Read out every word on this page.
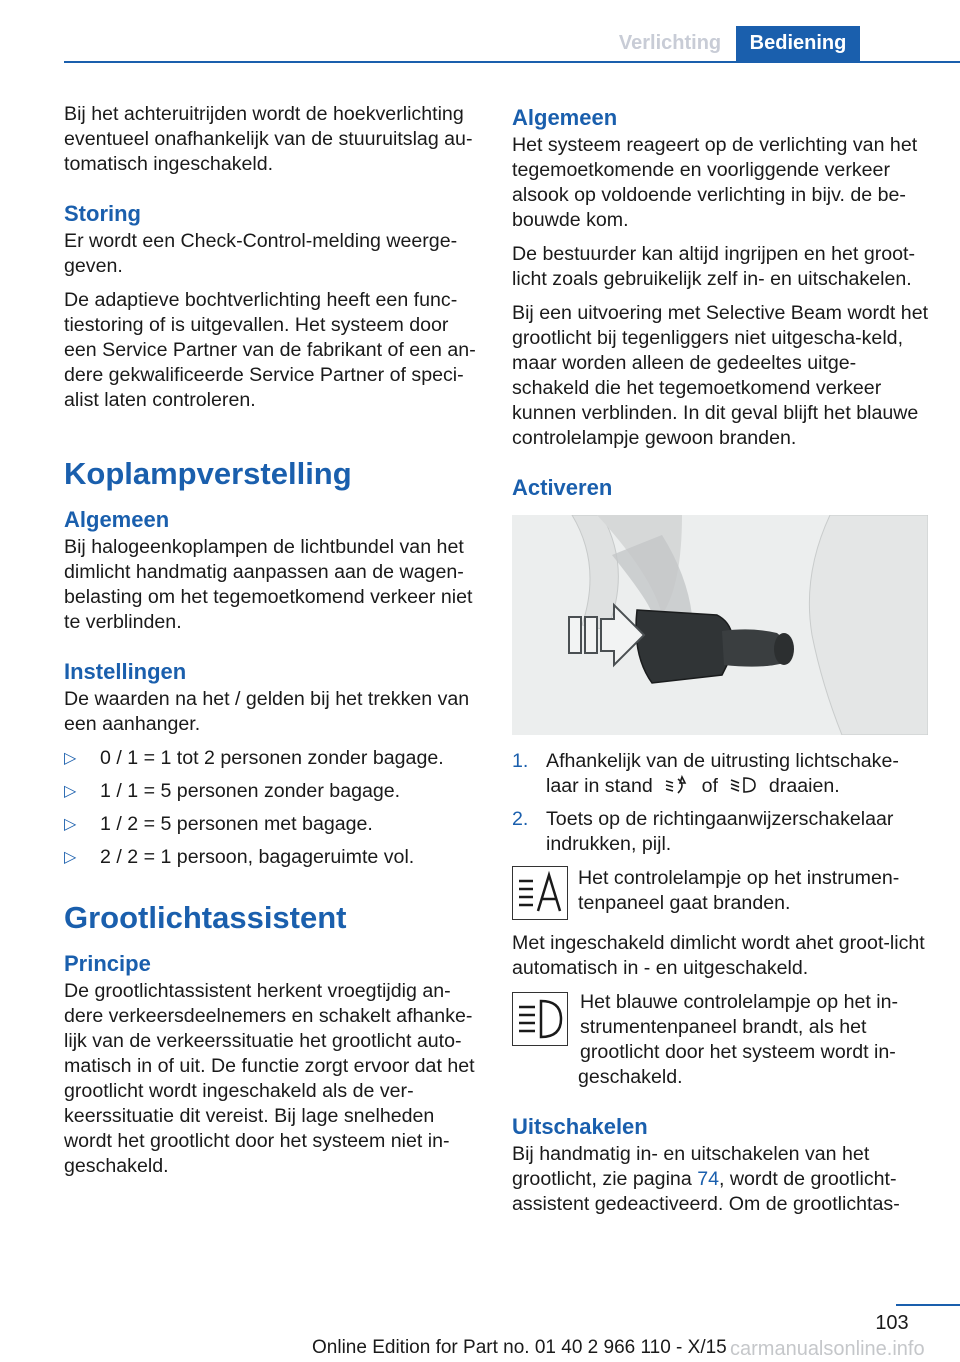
Verlichting	Bediening

Bij het achteruitrijden wordt de hoekverlichting eventueel onafhankelijk van de stuuruitslag au-tomatisch ingeschakeld.

Storing

Er wordt een Check-Control-melding weerge-geven.

De adaptieve bochtverlichting heeft een func-tiestoring of is uitgevallen. Het systeem door een Service Partner van de fabrikant of een an-dere gekwalificeerde Service Partner of speci-alist laten controleren.

Koplampverstelling
Algemeen

Bij halogeenkoplampen de lichtbundel van het dimlicht handmatig aanpassen aan de wagen-belasting om het tegemoetkomend verkeer niet te verblinden.

Instellingen

De waarden na het / gelden bij het trekken van een aanhanger.

▷ 0 / 1 = 1 tot 2 personen zonder bagage.
▷ 1 / 1 = 5 personen zonder bagage.
▷ 1 / 2 = 5 personen met bagage.
▷ 2 / 2 = 1 persoon, bagageruimte vol.
Grootlichtassistent
Principe

De grootlichtassistent herkent vroegtijdig an-dere verkeersdeelnemers en schakelt afhanke-lijk van de verkeerssituatie het grootlicht auto-matisch in of uit. De functie zorgt ervoor dat het grootlicht wordt ingeschakeld als de ver-keerssituatie dit vereist. Bij lage snelheden wordt het grootlicht door het systeem niet in-geschakeld.

Algemeen

Het systeem reageert op de verlichting van het tegemoetkomende en voorliggende verkeer alsook op voldoende verlichting in bijv. de be-bouwde kom.

De bestuurder kan altijd ingrijpen en het groot-licht zoals gebruikelijk zelf in- en uitschakelen.

Bij een uitvoering met Selective Beam wordt het grootlicht bij tegenliggers niet uitgescha-keld, maar worden alleen de gedeeltes uitge-schakeld die het tegemoetkomend verkeer kunnen verblinden. In dit geval blijft het blauwe controlelampje gewoon branden.

Activeren
1. Afhankelijk van de uitrusting lichtschake-laar in stand of	draaien.
2. Toets op de richtingaanwijzerschakelaar indrukken, pijl.
Het controlelampje op het instrumen-tenpaneel gaat branden.

Met ingeschakeld dimlicht wordt ahet groot-licht automatisch in - en uitgeschakeld.

Het blauwe controlelampje op het in-strumentenpaneel brandt, als het grootlicht door het systeem wordt in-geschakeld.
Uitschakelen

Bij handmatig in- en uitschakelen van het grootlicht, zie pagina 74, wordt de grootlicht-assistent gedeactiveerd. Om de grootlichtas-

103
Online Edition for Part no. 01 40 2 966 110 - X/15 carmanualsonline.info
